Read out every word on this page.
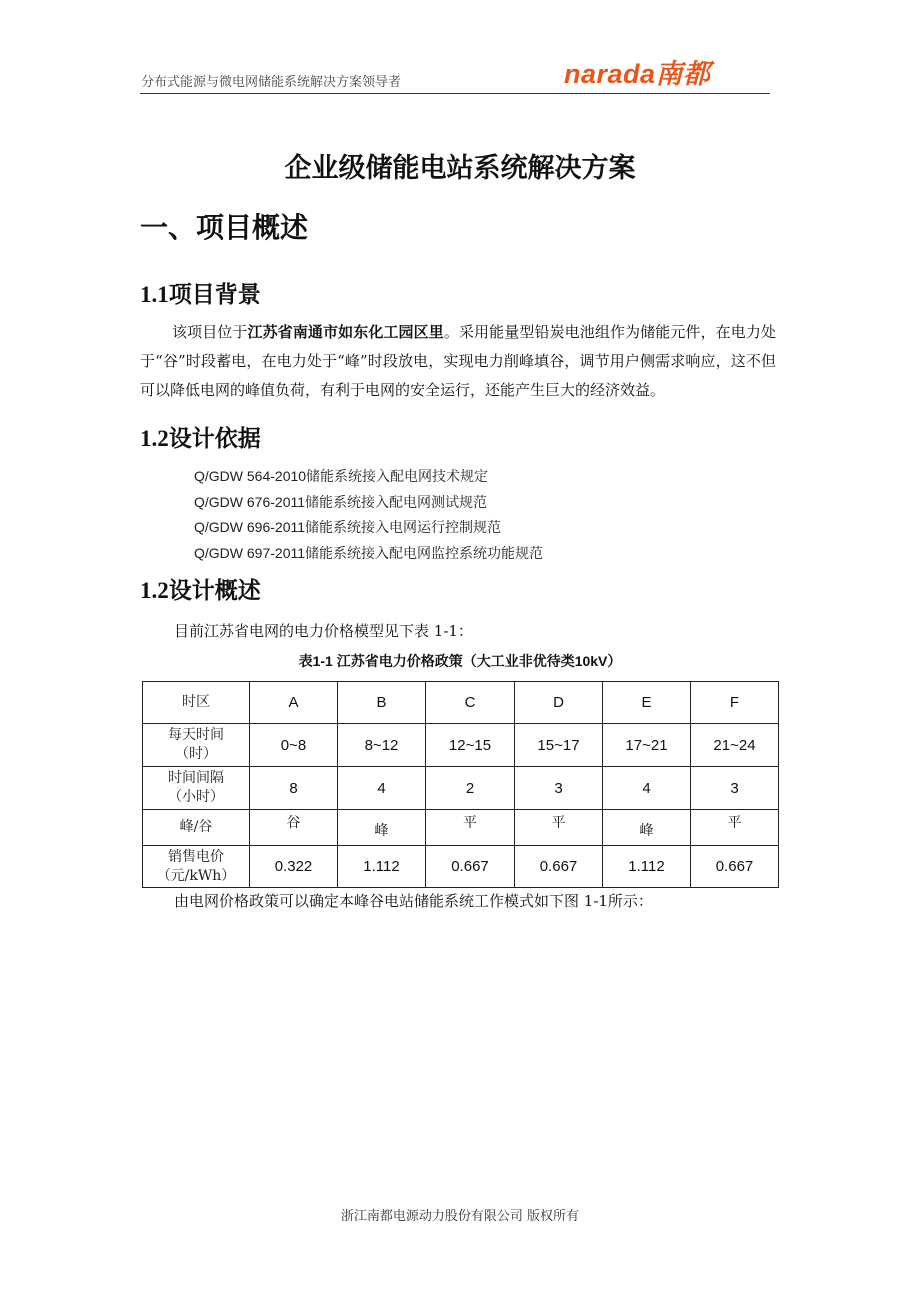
分布式能源与微电网储能系统解决方案领导者	narada南都
企业级储能电站系统解决方案
一、项目概述
1.1项目背景
该项目位于江苏省南通市如东化工园区里。采用能量型铅炭电池组作为储能元件，在电力处于“谷”时段蓄电，在电力处于“峰”时段放电，实现电力削峰填谷，调节用户侧需求响应，这不但可以降低电网的峰值负荷，有利于电网的安全运行，还能产生巨大的经济效益。
1.2设计依据
Q/GDW 564-2010储能系统接入配电网技术规定
Q/GDW 676-2011储能系统接入配电网测试规范
Q/GDW 696-2011储能系统接入电网运行控制规范
Q/GDW 697-2011储能系统接入配电网监控系统功能规范
1.2设计概述
目前江苏省电网的电力价格模型见下表 1-1：
表1-1 江苏省电力价格政策（大工业非优待类10kV）
时区	A	B	C	D	E	F
每天时间
（时）	0~8	8~12	12~15	15~17	17~21	21~24
时间间隔
（小时）	8	4	2	3	4	3
峰/谷	谷	峰	平	平	峰	平
销售电价
（元/kWh）	0.322	1.112	0.667	0.667	1.112	0.667
由电网价格政策可以确定本峰谷电站储能系统工作模式如下图 1-1所示：
浙江南都电源动力股份有限公司 版权所有
